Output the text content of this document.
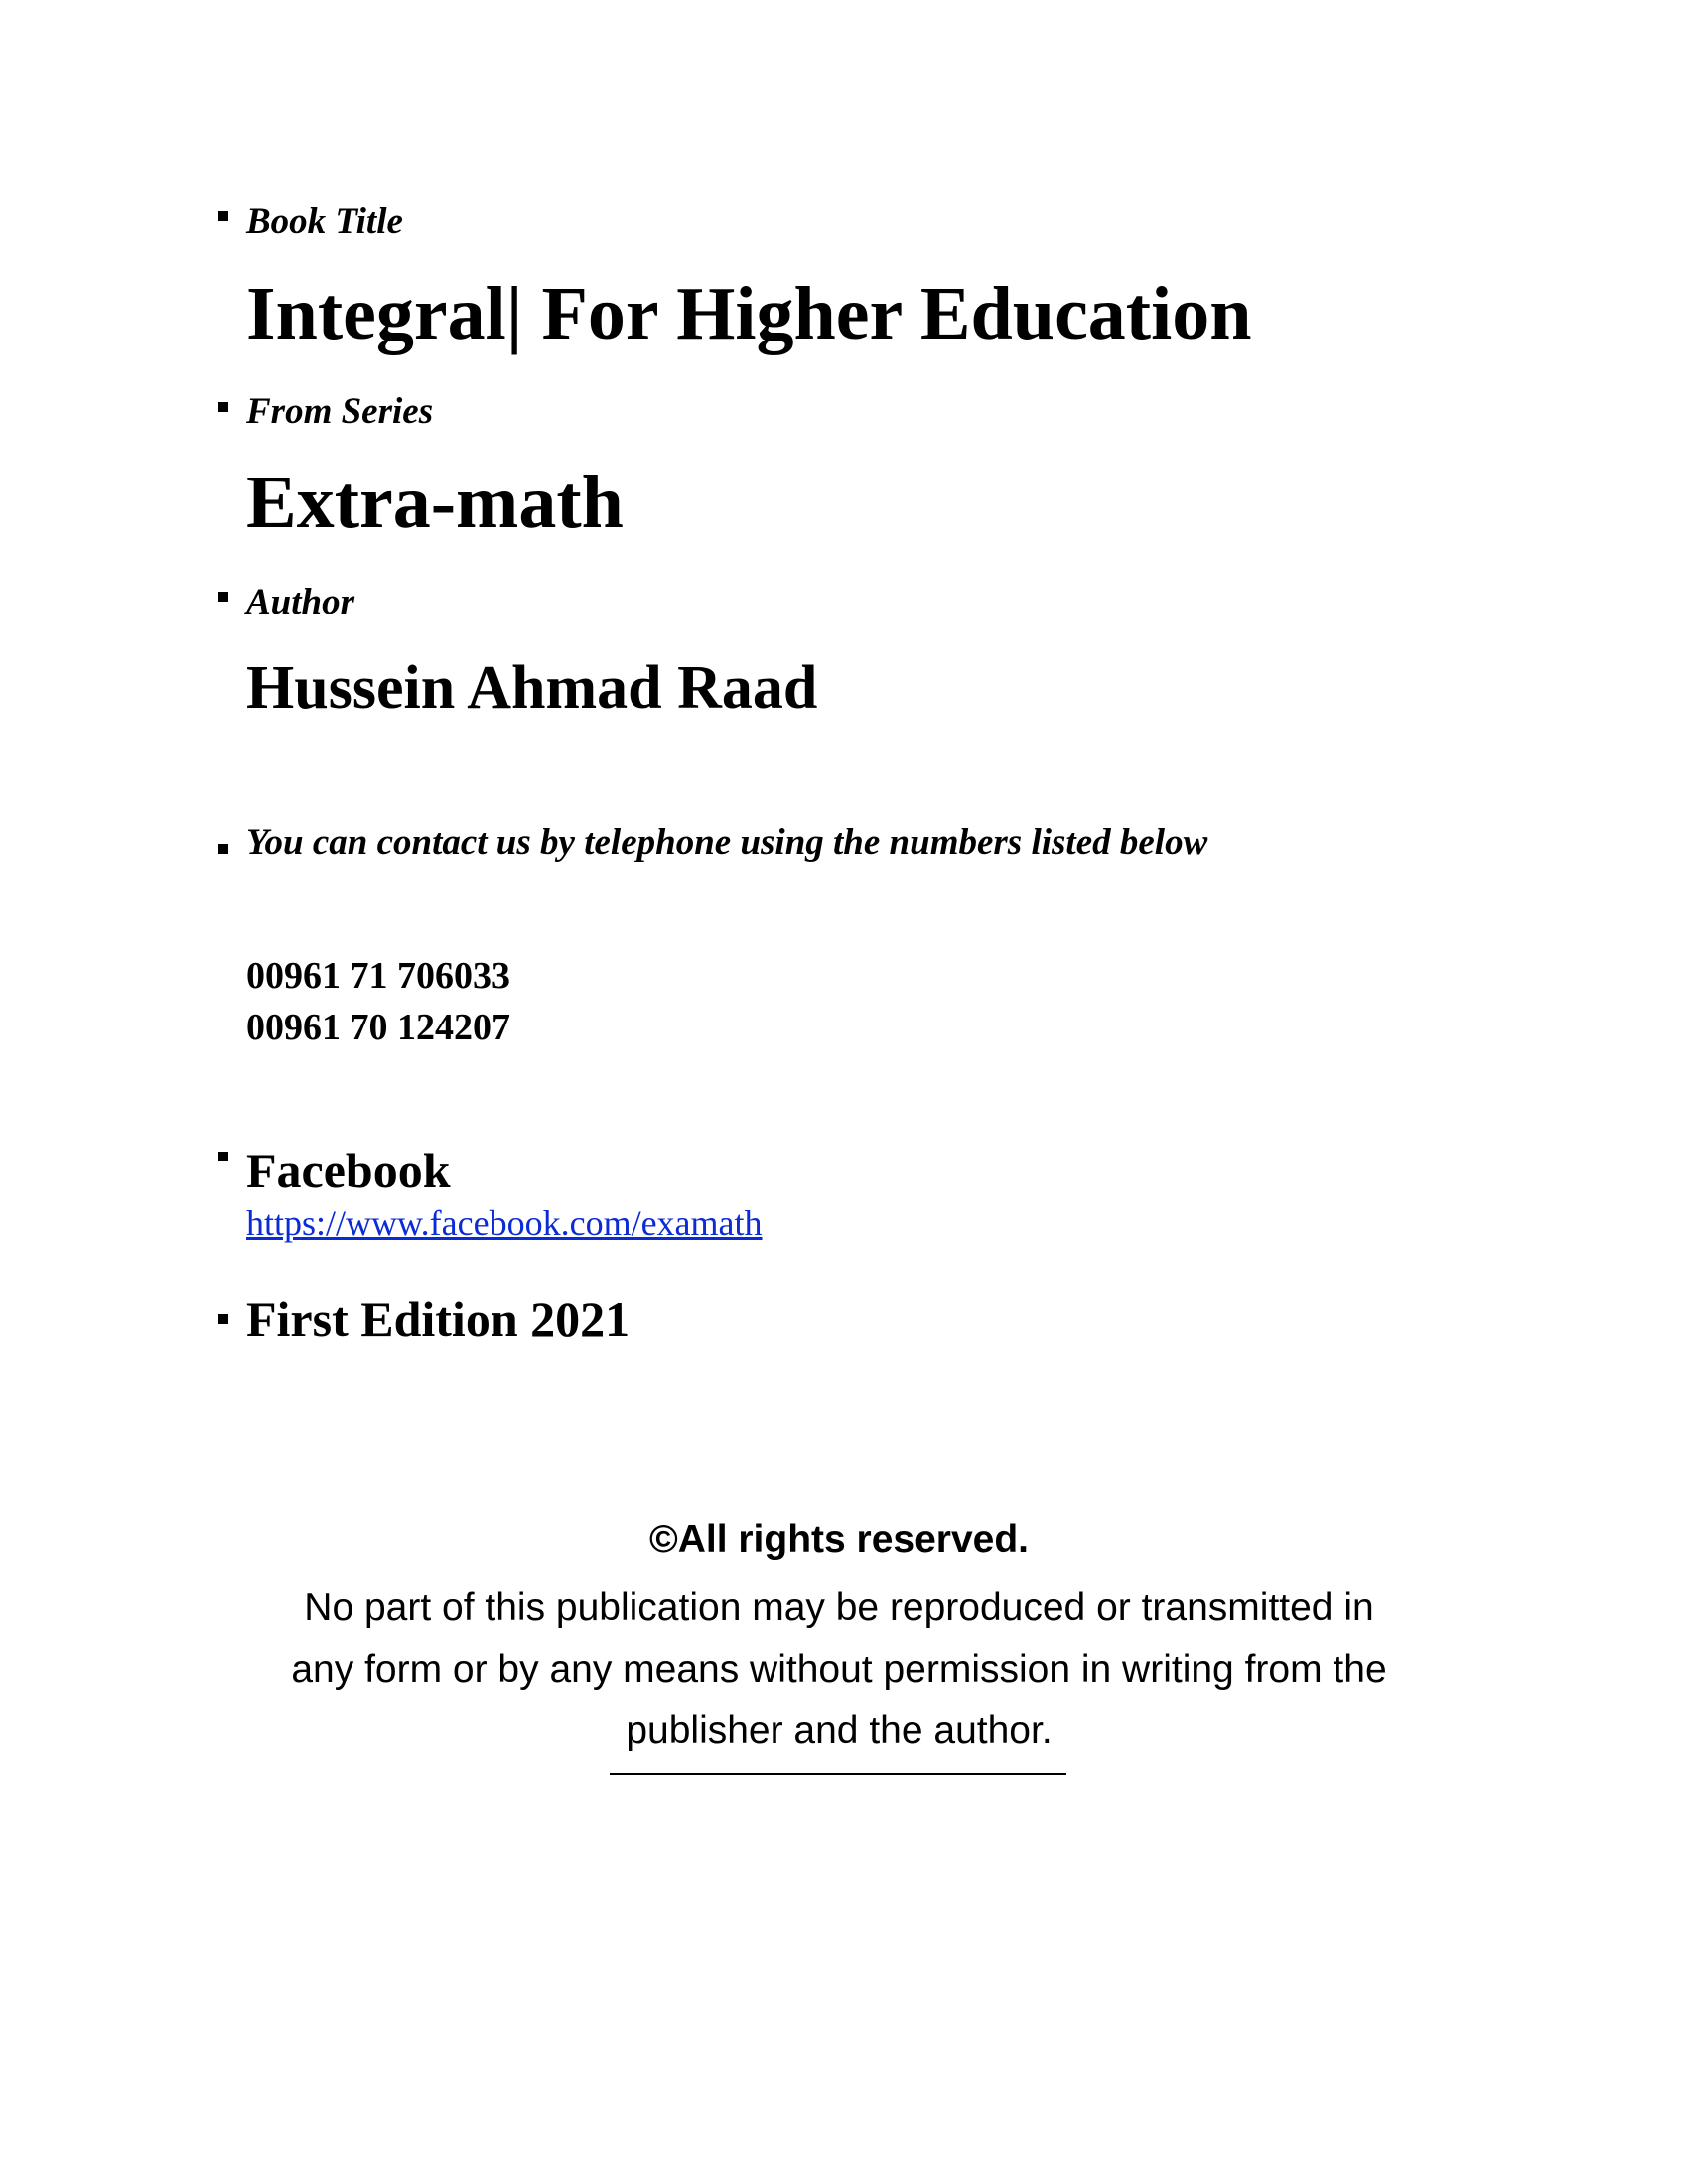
Book Title
Integral| For Higher Education
From Series
Extra-math
Author
Hussein Ahmad Raad
You can contact us by telephone using the numbers listed below
00961 71 706033
00961 70 124207
Facebook
https://www.facebook.com/examath
First Edition 2021
©All rights reserved.
No part of this publication may be reproduced or transmitted in
any form or by any means without permission in writing from the
publisher and the author.
